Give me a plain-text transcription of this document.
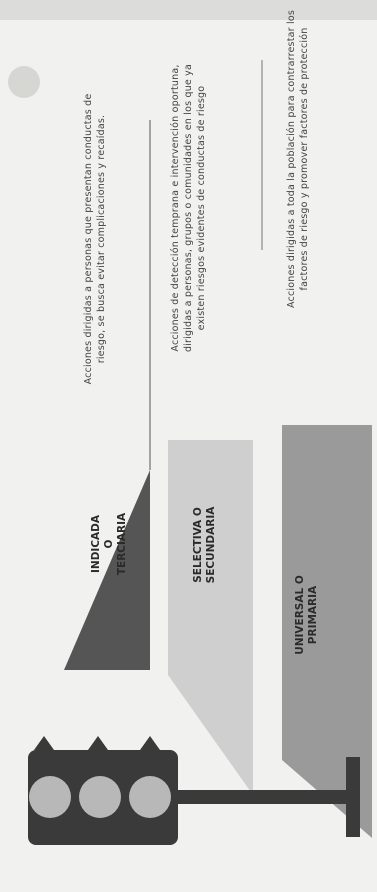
Acciones dirigidas a personas que presentan conductas de riesgo, se busca evitar complicaciones y recaídas.	Acciones de detección temprana e intervención oportuna, dirigidas a personas, grupos o comunidades en los que ya existen riesgos evidentes de conductas de riesgo	Acciones dirigidas a toda la población para contrarrestar los factores de riesgo y promover factores de protección
INDICADA O TERCIARIA	SELECTIVA O SECUNDARIA
UNIVERSAL O PRIMARIA
